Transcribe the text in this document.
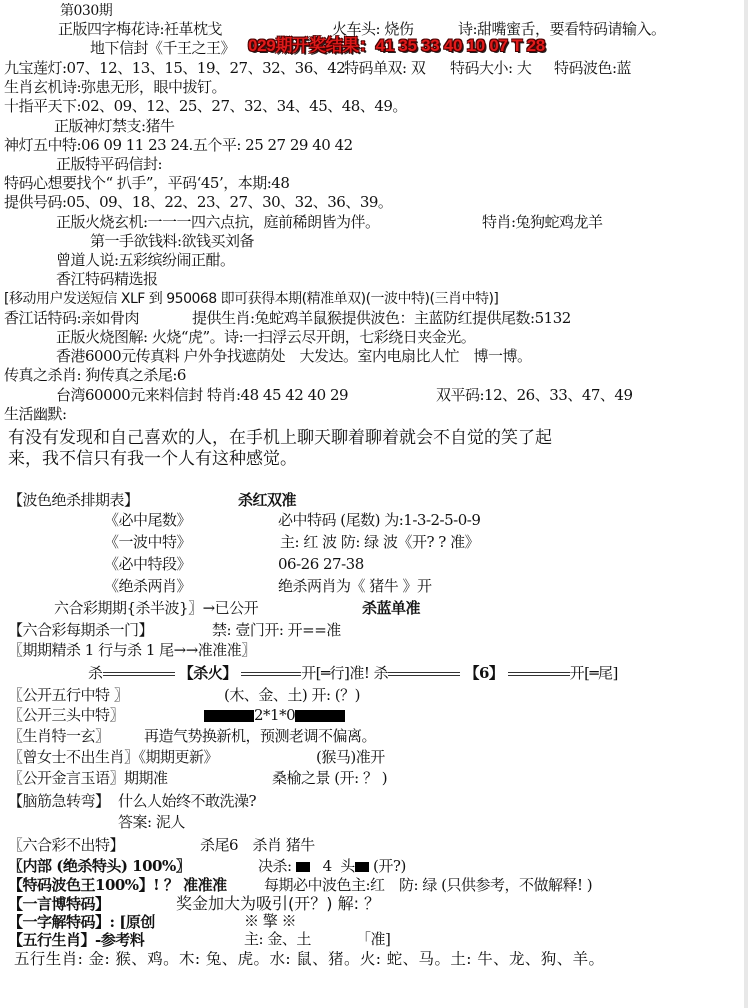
第030期
正版四字梅花诗:衽革枕戈	火车头: 烧伤	诗:甜嘴蜜舌，要看特码请输入。
地下信封《千王之王》 029期开奖结果：41 35 33 40 10 07 T 28
九宝莲灯:07、12、13、15、19、27、32、36、42
特码单双: 双 特码大小: 大 特码波色:蓝
生肖玄机诗:弥患无形，眼中拔钉。
十指平天下:02、09、12、25、27、32、34、45、48、49。
正版神灯禁支:猪牛
神灯五中特:06 09 11 23 24.五个平: 25 27 29 40 42
正版特平码信封:
特码心想要找个“ 扒手”，平码‘45’，本期:48
提供号码:05、09、18、22、23、27、30、32、36、39。
正版火烧玄机:一一一四六点抗，庭前稀朗皆为伴。	特肖:兔狗蛇鸡龙羊
第一手欲钱料:欲钱买刘备
曾道人说:五彩缤纷闹正酣。
香江特码精选报
[移动用户发送短信 XLF 到 950068 即可获得本期(精准单双)(一波中特)(三肖中特)]
香江话特码:亲如骨肉	提供生肖:兔蛇鸡羊鼠猴提供波色：主蓝防红提供尾数:5132
正版火烧图解: 火烧“虎”。诗:一扫浮云尽开朗，七彩绕日夹金光。
香港6000元传真料 户外争找遮荫处　大发达。室内电扇比人忙　博一博。
传真之杀肖: 狗传真之杀尾:6
台湾60000元来料信封 特肖:48 45 42 40 29	双平码:12、26、33、47、49
生活幽默:
有没有发现和自己喜欢的人，在手机上聊天聊着聊着就会不自觉的笑了起
来，我不信只有我一个人有这种感觉。
【波色绝杀排期表】	杀红双准
《必中尾数》	必中特码 (尾数) 为:1-3-2-5-0-9
《一波中特》	主: 红 波 防: 绿 波《开? ? 准》
《必中特段》	06-26 27-38
《绝杀两肖》	绝杀两肖为《 猪牛 》开
六合彩期期{杀半波}〗→已公开	杀蓝单准
【六合彩每期杀一门】	禁: 壹门开: 开==准
〖期期精杀 1 行与杀 1 尾→→准准准〗
杀	【杀火】	开[═行]准! 杀	【6】	开[═尾]
〖公开五行中特 〗	(木、金、土) 开: (？)
〖公开三头中特〗	2*1*0
〖生肖特一玄〗 再造气势换新机，预测老调不偏离。
〖曾女士不出生肖〗《期期更新》	(猴马)准开
〖公开金言玉语〗期期准	桑榆之景 (开: ？ )
【脑筋急转弯】 什么人始终不敢洗澡?
答案: 泥人
〖六合彩不出特】	杀尾6　杀肖 猪牛
〖内部 (绝杀特头) 100%〗	决杀: 4 头 (开?)
【特码波色王100%】! ？ 准准准 每期必中波色主:红　防: 绿 (只供参考，不做解释! )
【一言博特码】	奖金加大为吸引(开？) 解: ？
【一字解特码】: [原创	※ 擎 ※
【五行生肖】-参考料	主: 金、土	「准]
五行生肖: 金: 猴、鸡。木: 兔、虎。水: 鼠、猪。火: 蛇、马。土: 牛、龙、狗、羊。
